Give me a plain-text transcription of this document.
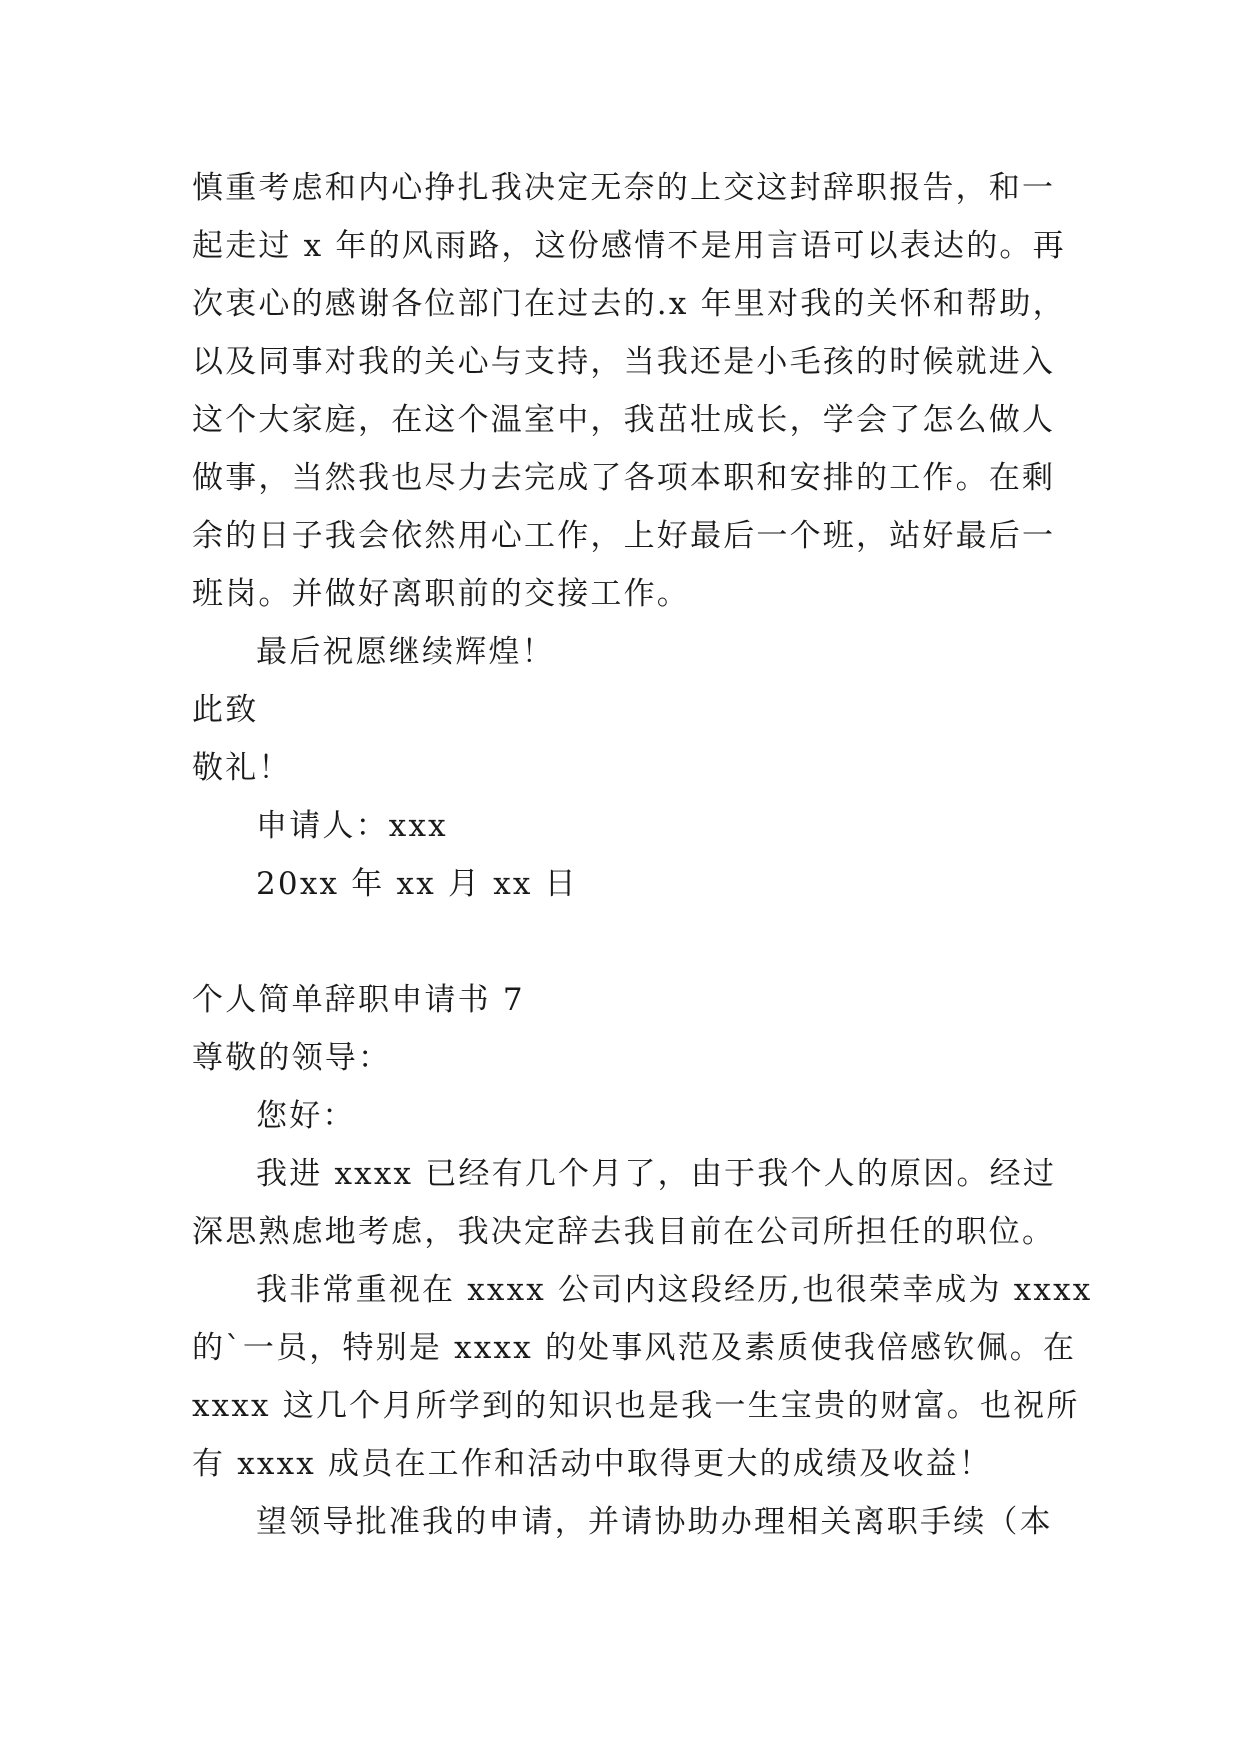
慎重考虑和内心挣扎我决定无奈的上交这封辞职报告，和一
起走过 x 年的风雨路，这份感情不是用言语可以表达的。再
次衷心的感谢各位部门在过去的.x 年里对我的关怀和帮助，
以及同事对我的关心与支持，当我还是小毛孩的时候就进入
这个大家庭，在这个温室中，我茁壮成长，学会了怎么做人
做事，当然我也尽力去完成了各项本职和安排的工作。在剩
余的日子我会依然用心工作，上好最后一个班，站好最后一
班岗。并做好离职前的交接工作。
最后祝愿继续辉煌！
此致
敬礼！
申请人：xxx
20xx 年 xx 月 xx 日
个人简单辞职申请书 7
尊敬的领导：
您好：
我进 xxxx 已经有几个月了，由于我个人的原因。经过
深思熟虑地考虑，我决定辞去我目前在公司所担任的职位。
我非常重视在 xxxx 公司内这段经历,也很荣幸成为 xxxx
的`一员，特别是 xxxx 的处事风范及素质使我倍感钦佩。在
xxxx 这几个月所学到的知识也是我一生宝贵的财富。也祝所
有 xxxx 成员在工作和活动中取得更大的成绩及收益！
望领导批准我的申请，并请协助办理相关离职手续（本
